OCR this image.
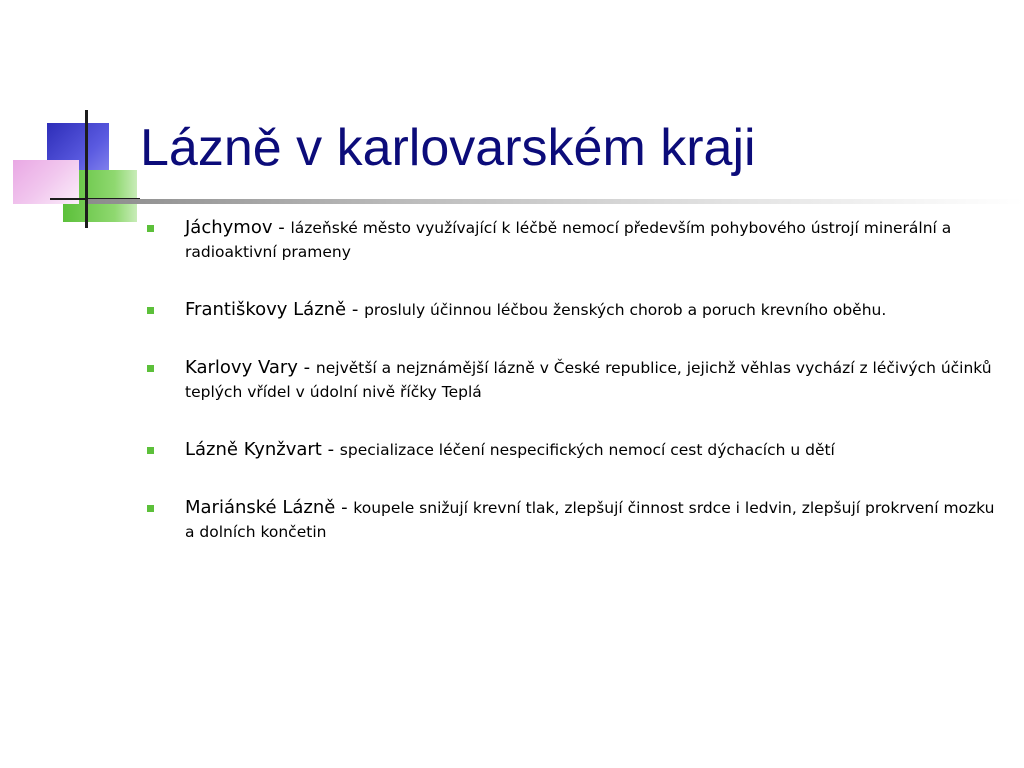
Lázně v karlovarském kraji
Jáchymov - lázeňské město využívající k léčbě nemocí především pohybového ústrojí minerální a radioaktivní prameny
Františkovy Lázně - prosluly účinnou léčbou ženských chorob a poruch krevního oběhu.
Karlovy Vary - největší a nejznámější lázně v České republice, jejichž věhlas vychází z léčivých účinků teplých vřídel v údolní nivě říčky Teplá
Lázně Kynžvart - specializace léčení nespecifických nemocí cest dýchacích u dětí
Mariánské Lázně - koupele snižují krevní tlak, zlepšují činnost srdce i ledvin, zlepšují prokrvení mozku a dolních končetin
